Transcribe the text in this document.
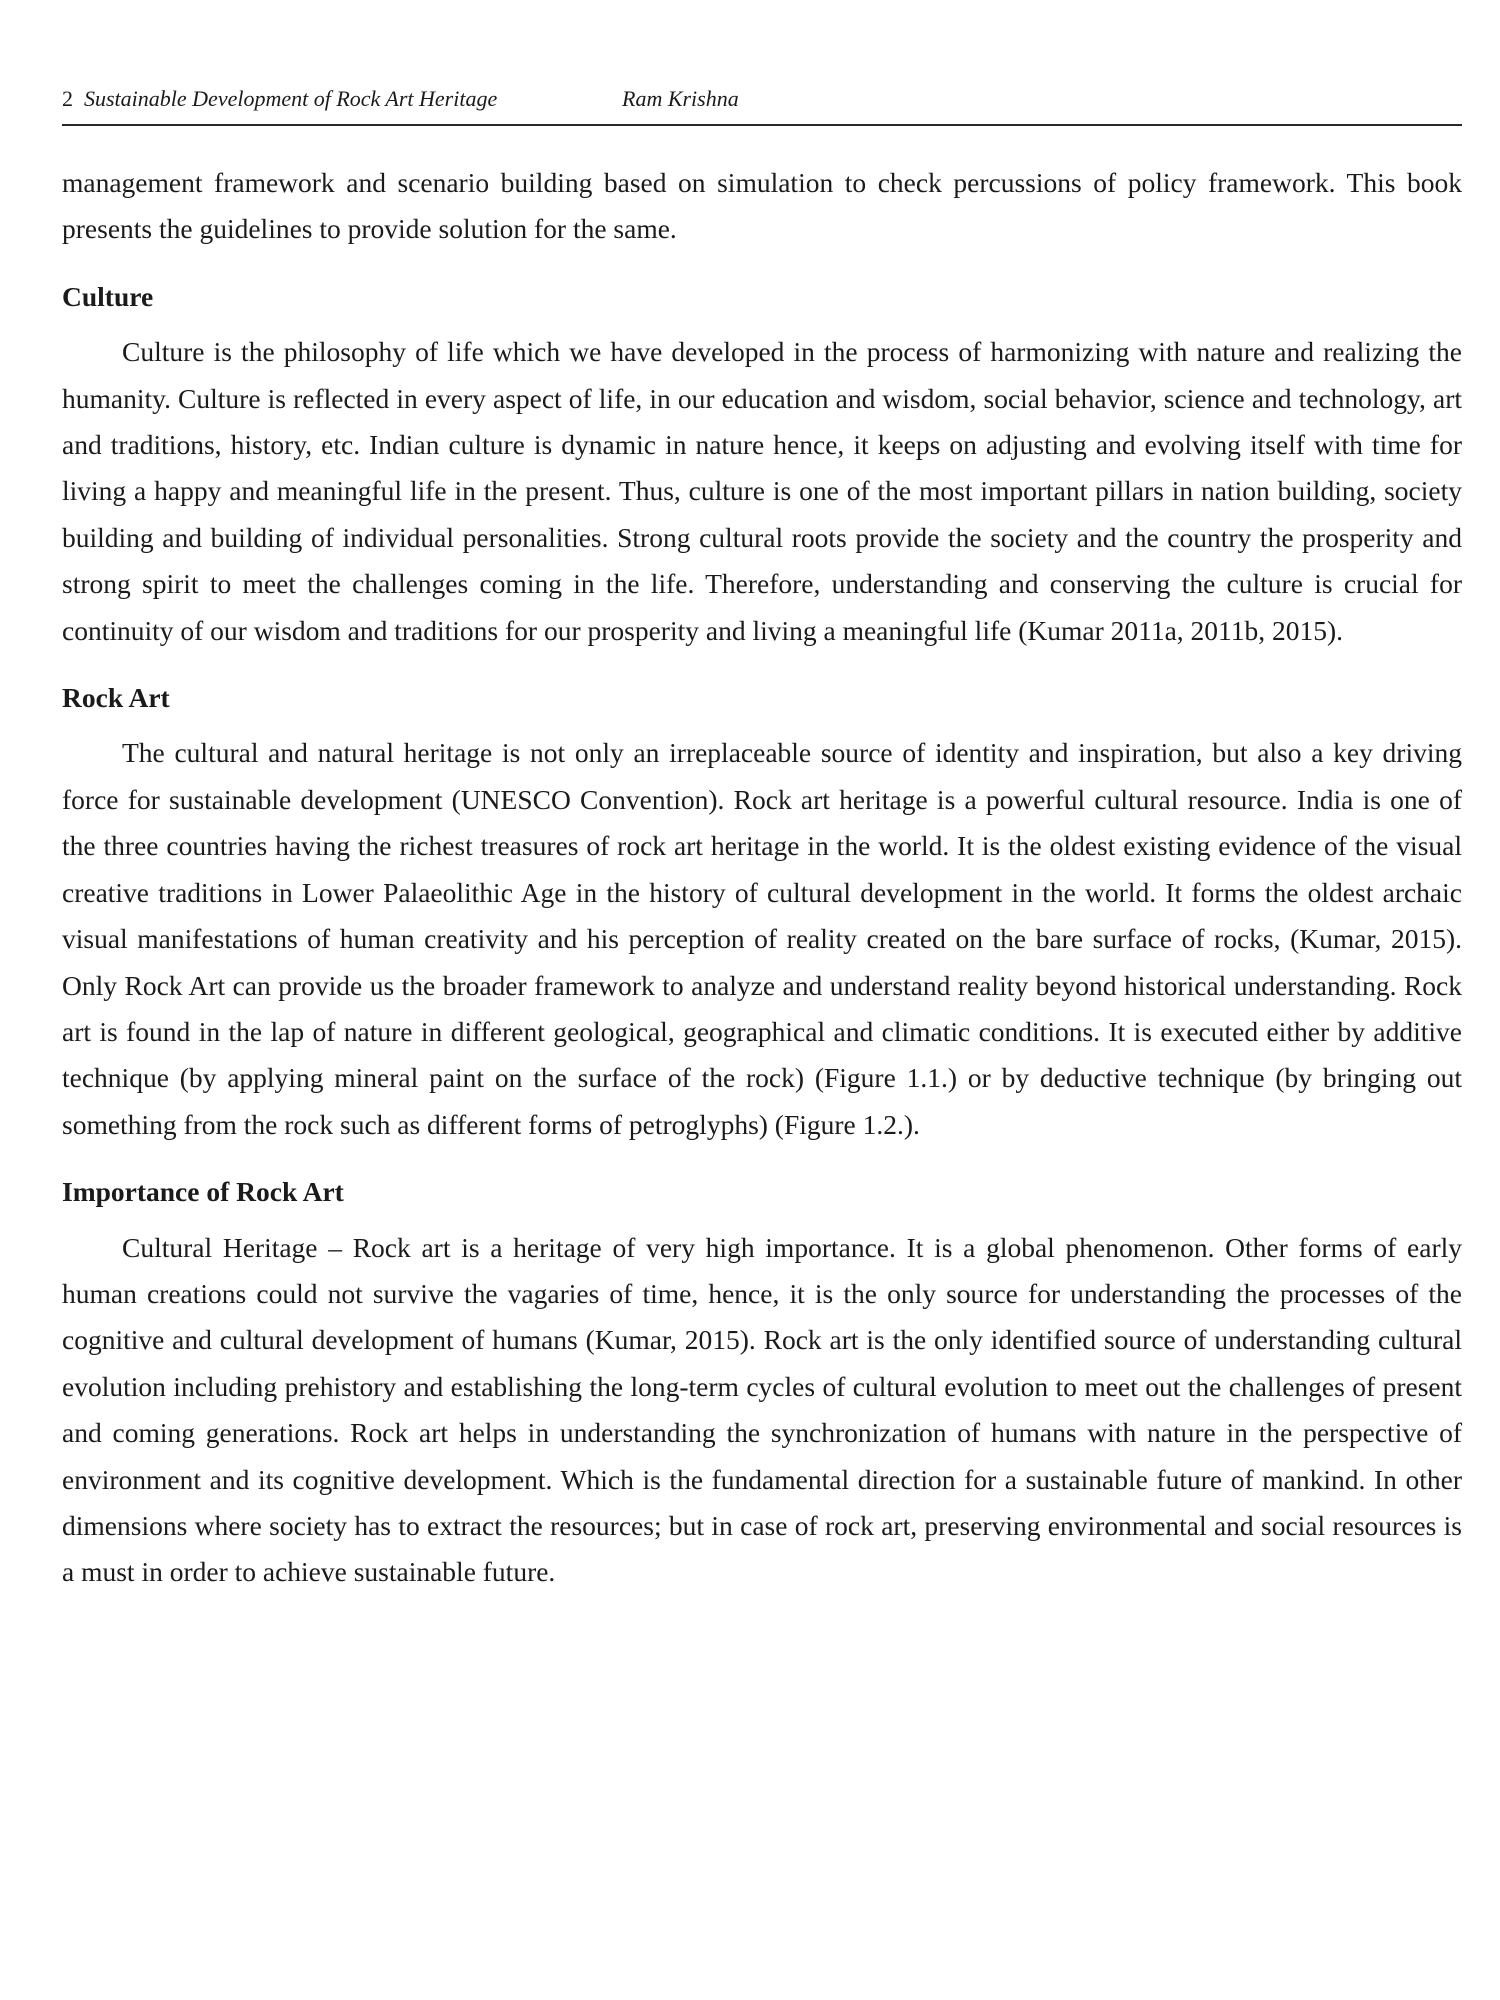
2 Sustainable Development of Rock Art Heritage	Ram Krishna

management framework and scenario building based on simulation to check percussions of policy framework. This book presents the guidelines to provide solution for the same.

Culture

Culture is the philosophy of life which we have developed in the process of harmonizing with nature and realizing the humanity. Culture is reflected in every aspect of life, in our education and wisdom, social behavior, science and technology, art and traditions, history, etc. Indian culture is dynamic in nature hence, it keeps on adjusting and evolving itself with time for living a happy and meaningful life in the present. Thus, culture is one of the most important pillars in nation building, society building and building of individual personalities. Strong cultural roots provide the society and the country the prosperity and strong spirit to meet the challenges coming in the life. Therefore, understanding and conserving the culture is crucial for continuity of our wisdom and traditions for our prosperity and living a meaningful life (Kumar 2011a, 2011b, 2015).

Rock Art

The cultural and natural heritage is not only an irreplaceable source of identity and inspiration, but also a key driving force for sustainable development (UNESCO Convention). Rock art heritage is a powerful cultural resource. India is one of the three countries having the richest treasures of rock art heritage in the world. It is the oldest existing evidence of the visual creative traditions in Lower Palaeolithic Age in the history of cultural development in the world. It forms the oldest archaic visual manifestations of human creativity and his perception of reality created on the bare surface of rocks, (Kumar, 2015). Only Rock Art can provide us the broader framework to analyze and understand reality beyond historical understanding. Rock art is found in the lap of nature in different geological, geographical and climatic conditions. It is executed either by additive technique (by applying mineral paint on the surface of the rock) (Figure 1.1.) or by deductive technique (by bringing out something from the rock such as different forms of petroglyphs) (Figure 1.2.).

Importance of Rock Art

Cultural Heritage – Rock art is a heritage of very high importance. It is a global phenomenon. Other forms of early human creations could not survive the vagaries of time, hence, it is the only source for understanding the processes of the cognitive and cultural development of humans (Kumar, 2015). Rock art is the only identified source of understanding cultural evolution including prehistory and establishing the long-term cycles of cultural evolution to meet out the challenges of present and coming generations. Rock art helps in understanding the synchronization of humans with nature in the perspective of environment and its cognitive development. Which is the fundamental direction for a sustainable future of mankind. In other dimensions where society has to extract the resources; but in case of rock art, preserving environmental and social resources is a must in order to achieve sustainable future.
